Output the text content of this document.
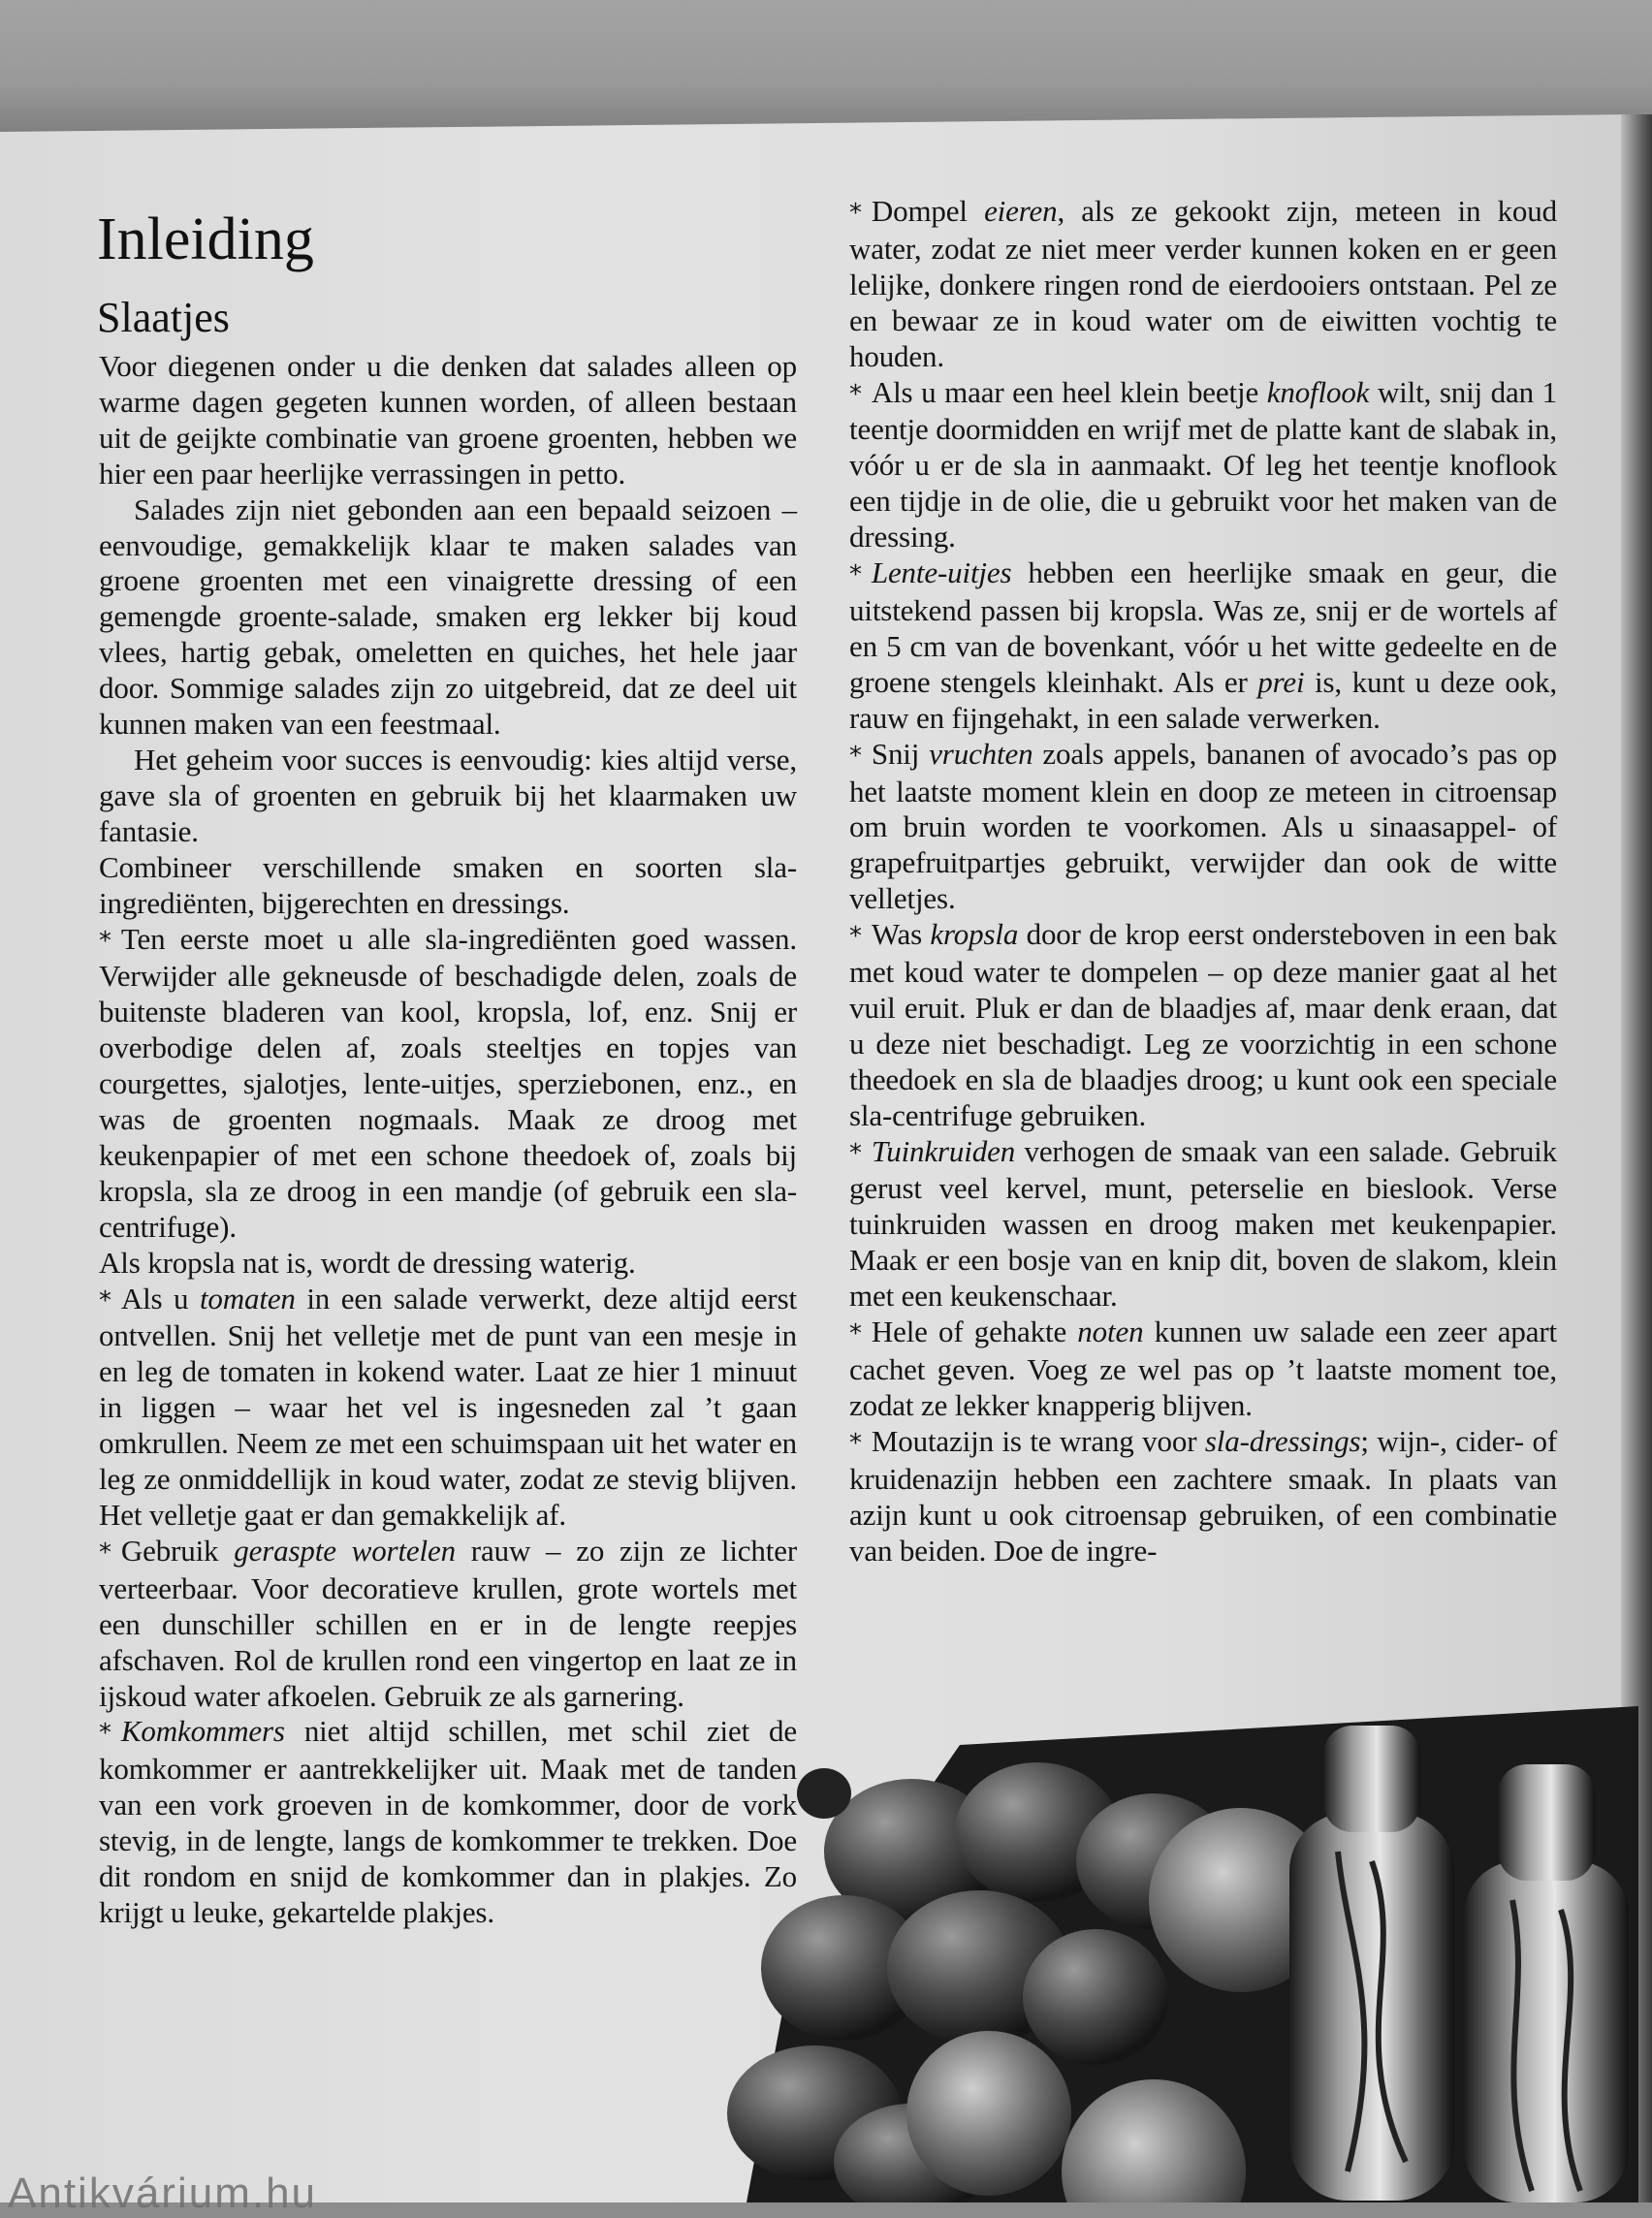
Inleiding
Slaatjes

Voor diegenen onder u die denken dat salades alleen op warme dagen gegeten kunnen worden, of alleen bestaan uit de geijkte combinatie van groene groenten, hebben we hier een paar heerlijke verrassingen in petto.

Salades zijn niet gebonden aan een bepaald seizoen – eenvoudige, gemakkelijk klaar te maken salades van groene groenten met een vinaigrette dressing of een gemengde groente-salade, smaken erg lekker bij koud vlees, hartig gebak, omeletten en quiches, het hele jaar door. Sommige salades zijn zo uitgebreid, dat ze deel uit kunnen maken van een feestmaal.

Het geheim voor succes is eenvoudig: kies altijd verse, gave sla of groenten en gebruik bij het klaarmaken uw fantasie.

Combineer verschillende smaken en soorten sla-ingrediënten, bijgerechten en dressings.

* Ten eerste moet u alle sla-ingrediënten goed wassen. Verwijder alle gekneusde of beschadigde delen, zoals de buitenste bladeren van kool, kropsla, lof, enz. Snij er overbodige delen af, zoals steeltjes en topjes van courgettes, sjalotjes, lente-uitjes, sperziebonen, enz., en was de groenten nogmaals. Maak ze droog met keukenpapier of met een schone theedoek of, zoals bij kropsla, sla ze droog in een mandje (of gebruik een sla-centrifuge).

Als kropsla nat is, wordt de dressing waterig.

* Als u tomaten in een salade verwerkt, deze altijd eerst ontvellen. Snij het velletje met de punt van een mesje in en leg de tomaten in kokend water. Laat ze hier 1 minuut in liggen – waar het vel is ingesneden zal ’t gaan omkrullen. Neem ze met een schuimspaan uit het water en leg ze onmiddellijk in koud water, zodat ze stevig blijven. Het velletje gaat er dan gemakkelijk af.

* Gebruik geraspte wortelen rauw – zo zijn ze lichter verteerbaar. Voor decoratieve krullen, grote wortels met een dunschiller schillen en er in de lengte reepjes afschaven. Rol de krullen rond een vingertop en laat ze in ijskoud water afkoelen. Gebruik ze als garnering.

* Komkommers niet altijd schillen, met schil ziet de komkommer er aantrekkelijker uit. Maak met de tanden van een vork groeven in de komkommer, door de vork stevig, in de lengte, langs de komkommer te trekken. Doe dit rondom en snijd de komkommer dan in plakjes. Zo krijgt u leuke, gekartelde plakjes.

* Dompel eieren, als ze gekookt zijn, meteen in koud water, zodat ze niet meer verder kunnen koken en er geen lelijke, donkere ringen rond de eierdooiers ontstaan. Pel ze en bewaar ze in koud water om de eiwitten vochtig te houden.

* Als u maar een heel klein beetje knoflook wilt, snij dan 1 teentje doormidden en wrijf met de platte kant de slabak in, vóór u er de sla in aanmaakt. Of leg het teentje knoflook een tijdje in de olie, die u gebruikt voor het maken van de dressing.

* Lente-uitjes hebben een heerlijke smaak en geur, die uitstekend passen bij kropsla. Was ze, snij er de wortels af en 5 cm van de bovenkant, vóór u het witte gedeelte en de groene stengels kleinhakt. Als er prei is, kunt u deze ook, rauw en fijngehakt, in een salade verwerken.

* Snij vruchten zoals appels, bananen of avocado’s pas op het laatste moment klein en doop ze meteen in citroensap om bruin worden te voorkomen. Als u sinaasappel- of grapefruitpartjes gebruikt, verwijder dan ook de witte velletjes.

* Was kropsla door de krop eerst ondersteboven in een bak met koud water te dompelen – op deze manier gaat al het vuil eruit. Pluk er dan de blaadjes af, maar denk eraan, dat u deze niet beschadigt. Leg ze voorzichtig in een schone theedoek en sla de blaadjes droog; u kunt ook een speciale sla-centrifuge gebruiken.

* Tuinkruiden verhogen de smaak van een salade. Gebruik gerust veel kervel, munt, peterselie en bieslook. Verse tuinkruiden wassen en droog maken met keukenpapier. Maak er een bosje van en knip dit, boven de slakom, klein met een keukenschaar.

* Hele of gehakte noten kunnen uw salade een zeer apart cachet geven. Voeg ze wel pas op ’t laatste moment toe, zodat ze lekker knapperig blijven.

* Moutazijn is te wrang voor sla-dressings; wijn-, cider- of kruidenazijn hebben een zachtere smaak. In plaats van azijn kunt u ook citroensap gebruiken, of een combinatie van beiden. Doe de ingre-

Antikvárium.hu
